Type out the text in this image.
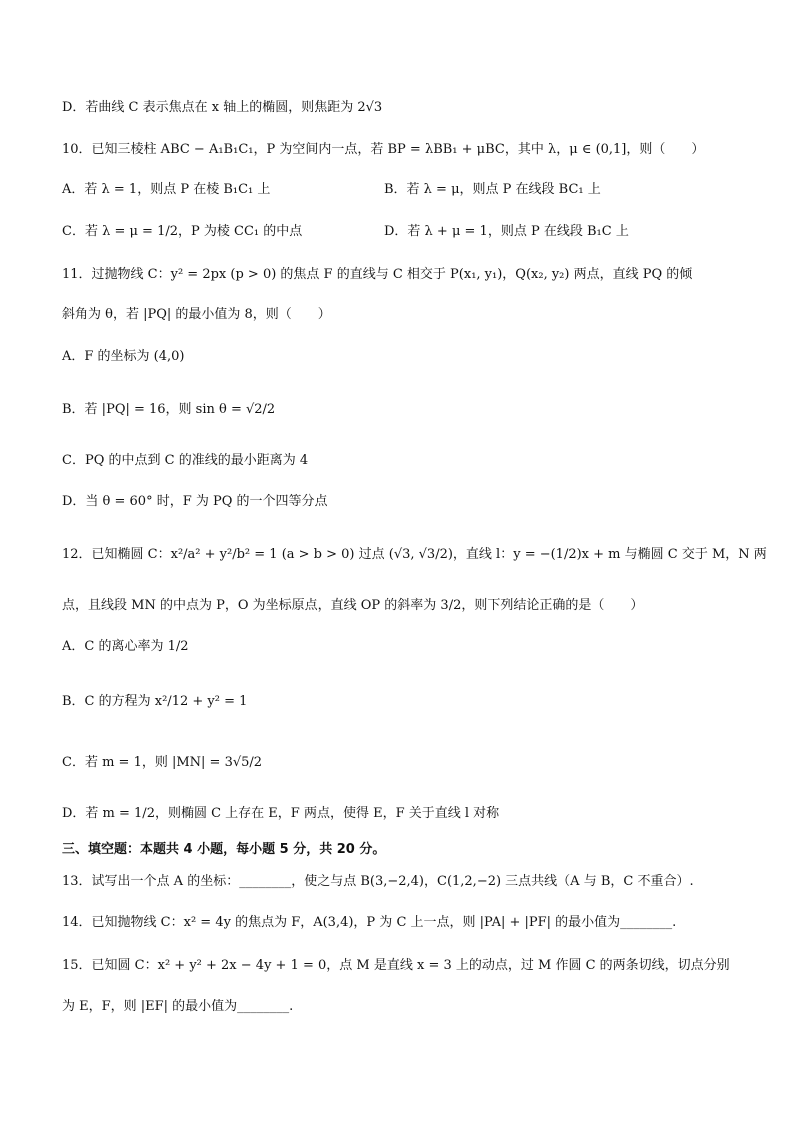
D．若曲线 C 表示焦点在 x 轴上的椭圆，则焦距为 2√3
10．已知三棱柱 ABC − A₁B₁C₁，P 为空间内一点，若 BP = λBB₁ + μBC，其中 λ，μ ∈ (0,1]，则（　　）
A．若 λ = 1，则点 P 在棱 B₁C₁ 上	B．若 λ = μ，则点 P 在线段 BC₁ 上
C．若 λ = μ = 1/2，P 为棱 CC₁ 的中点	D．若 λ + μ = 1，则点 P 在线段 B₁C 上
11．过抛物线 C：y² = 2px (p > 0) 的焦点 F 的直线与 C 相交于 P(x₁, y₁)，Q(x₂, y₂) 两点，直线 PQ 的倾
斜角为 θ，若 |PQ| 的最小值为 8，则（　　）
A．F 的坐标为 (4,0)
B．若 |PQ| = 16，则 sin θ = √2/2
C．PQ 的中点到 C 的准线的最小距离为 4
D．当 θ = 60° 时，F 为 PQ 的一个四等分点
12．已知椭圆 C：x²/a² + y²/b² = 1 (a > b > 0) 过点 (√3, √3/2)，直线 l：y = −(1/2)x + m 与椭圆 C 交于 M，N 两
点，且线段 MN 的中点为 P，O 为坐标原点，直线 OP 的斜率为 3/2，则下列结论正确的是（　　）
A．C 的离心率为 1/2
B．C 的方程为 x²/12 + y² = 1
C．若 m = 1，则 |MN| = 3√5/2
D．若 m = 1/2，则椭圆 C 上存在 E，F 两点，使得 E，F 关于直线 l 对称
三、填空题：本题共 4 小题，每小题 5 分，共 20 分。
13．试写出一个点 A 的坐标：________，使之与点 B(3,−2,4)，C(1,2,−2) 三点共线（A 与 B，C 不重合）.
14．已知抛物线 C：x² = 4y 的焦点为 F，A(3,4)，P 为 C 上一点，则 |PA| + |PF| 的最小值为________.
15．已知圆 C：x² + y² + 2x − 4y + 1 = 0，点 M 是直线 x = 3 上的动点，过 M 作圆 C 的两条切线，切点分别
为 E，F，则 |EF| 的最小值为________.
